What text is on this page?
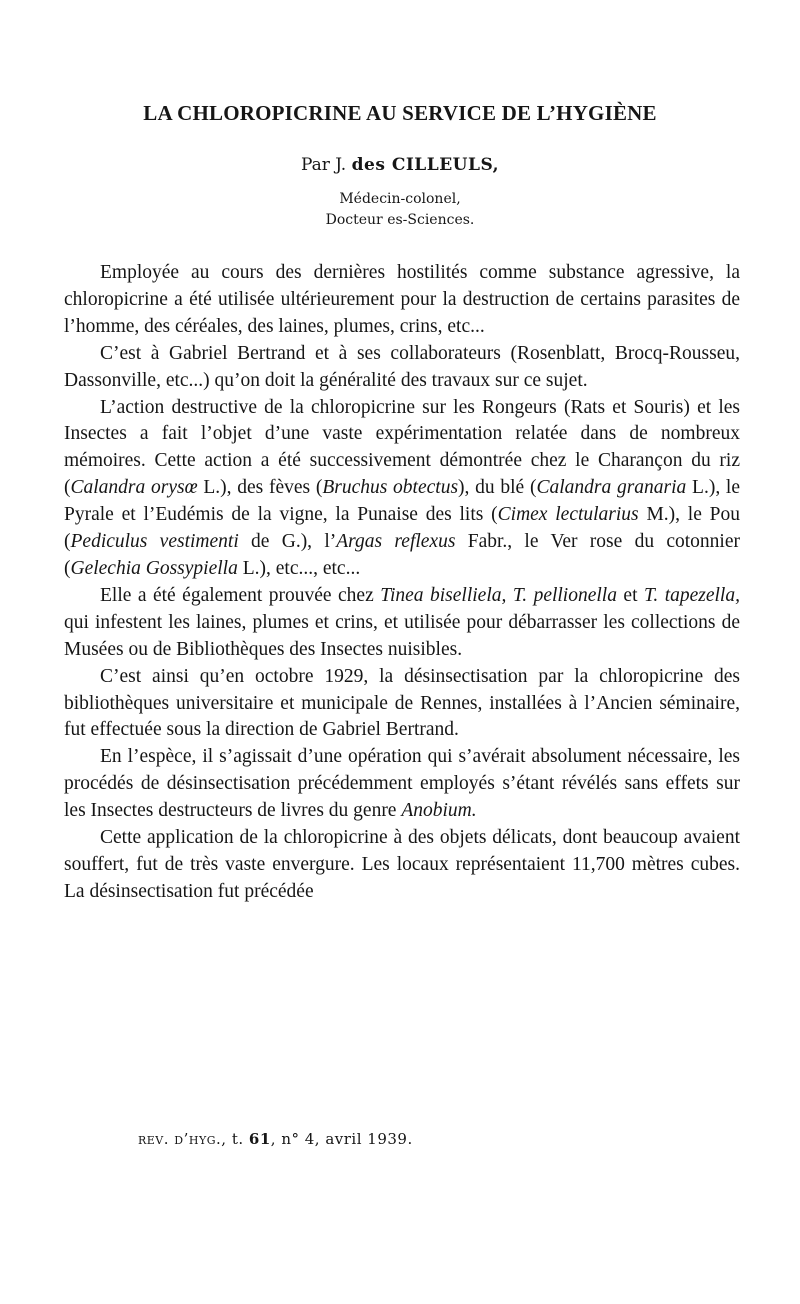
LA CHLOROPICRINE AU SERVICE DE L’HYGIÈNE
Par J. des CILLEULS,
Médecin-colonel,
Docteur es-Sciences.

Employée au cours des dernières hostilités comme substance agressive, la chloropicrine a été utilisée ultérieurement pour la destruction de certains parasites de l’homme, des céréales, des laines, plumes, crins, etc...

C’est à Gabriel Bertrand et à ses collaborateurs (Rosenblatt, Brocq-Rousseu, Dassonville, etc...) qu’on doit la généralité des travaux sur ce sujet.

L’action destructive de la chloropicrine sur les Rongeurs (Rats et Souris) et les Insectes a fait l’objet d’une vaste expérimentation relatée dans de nombreux mémoires. Cette action a été successivement démontrée chez le Charançon du riz (Calandra orysœ L.), des fèves (Bruchus obtectus), du blé (Calandra granaria L.), le Pyrale et l’Eudémis de la vigne, la Punaise des lits (Cimex lectularius M.), le Pou (Pediculus vestimenti de G.), l’Argas reflexus Fabr., le Ver rose du cotonnier (Gelechia Gossypiella L.), etc..., etc...

Elle a été également prouvée chez Tinea biselliela, T. pellionella et T. tapezella, qui infestent les laines, plumes et crins, et utilisée pour débarrasser les collections de Musées ou de Bibliothèques des Insectes nuisibles.

C’est ainsi qu’en octobre 1929, la désinsectisation par la chloropicrine des bibliothèques universitaire et municipale de Rennes, installées à l’Ancien séminaire, fut effectuée sous la direction de Gabriel Bertrand.

En l’espèce, il s’agissait d’une opération qui s’avérait absolument nécessaire, les procédés de désinsectisation précédemment employés s’étant révélés sans effets sur les Insectes destructeurs de livres du genre Anobium.

Cette application de la chloropicrine à des objets délicats, dont beaucoup avaient souffert, fut de très vaste envergure. Les locaux représentaient 11,700 mètres cubes. La désinsectisation fut précédée

rev. d’hyg., t. 61, n° 4, avril 1939.
